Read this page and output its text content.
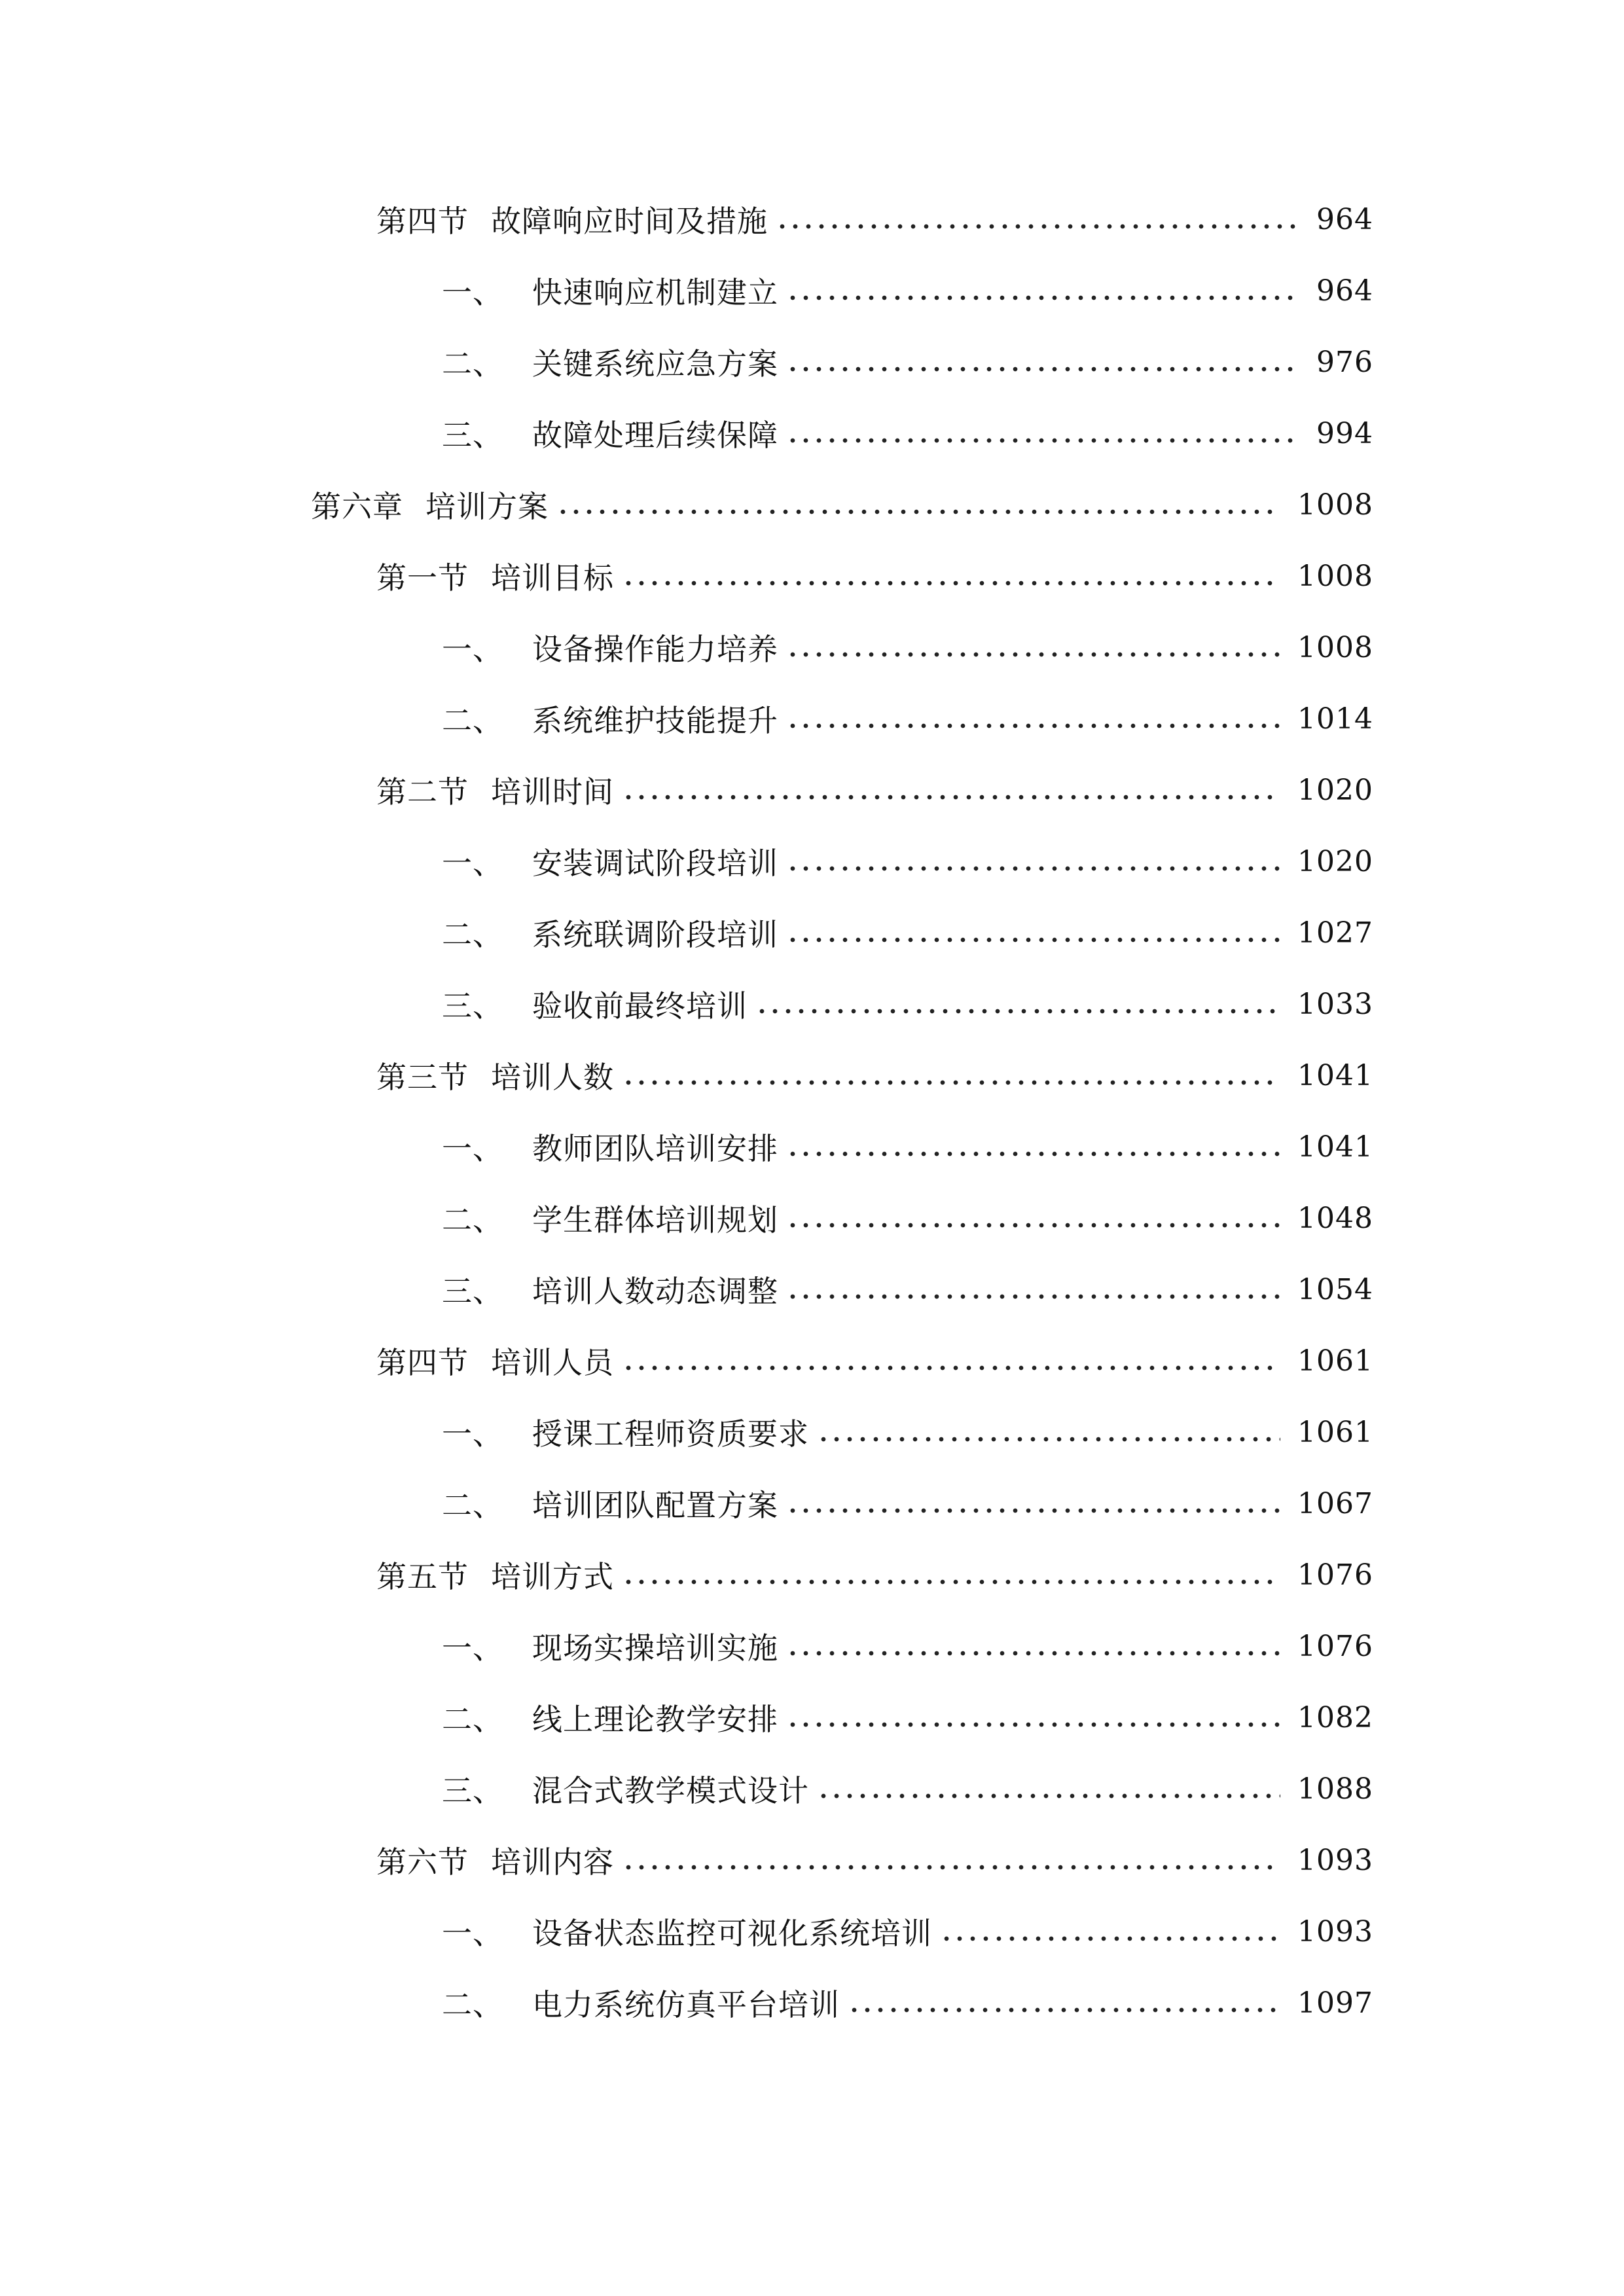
第四节 故障响应时间及措施	964
一、 快速响应机制建立	964
二、 关键系统应急方案	976
三、 故障处理后续保障	994
第六章 培训方案	1008
第一节 培训目标	1008
一、 设备操作能力培养	1008
二、 系统维护技能提升	1014
第二节 培训时间	1020
一、 安装调试阶段培训	1020
二、 系统联调阶段培训	1027
三、 验收前最终培训	1033
第三节 培训人数	1041
一、 教师团队培训安排	1041
二、 学生群体培训规划	1048
三、 培训人数动态调整	1054
第四节 培训人员	1061
一、 授课工程师资质要求	1061
二、 培训团队配置方案	1067
第五节 培训方式	1076
一、 现场实操培训实施	1076
二、 线上理论教学安排	1082
三、 混合式教学模式设计	1088
第六节 培训内容	1093
一、 设备状态监控可视化系统培训	1093
二、 电力系统仿真平台培训	1097
